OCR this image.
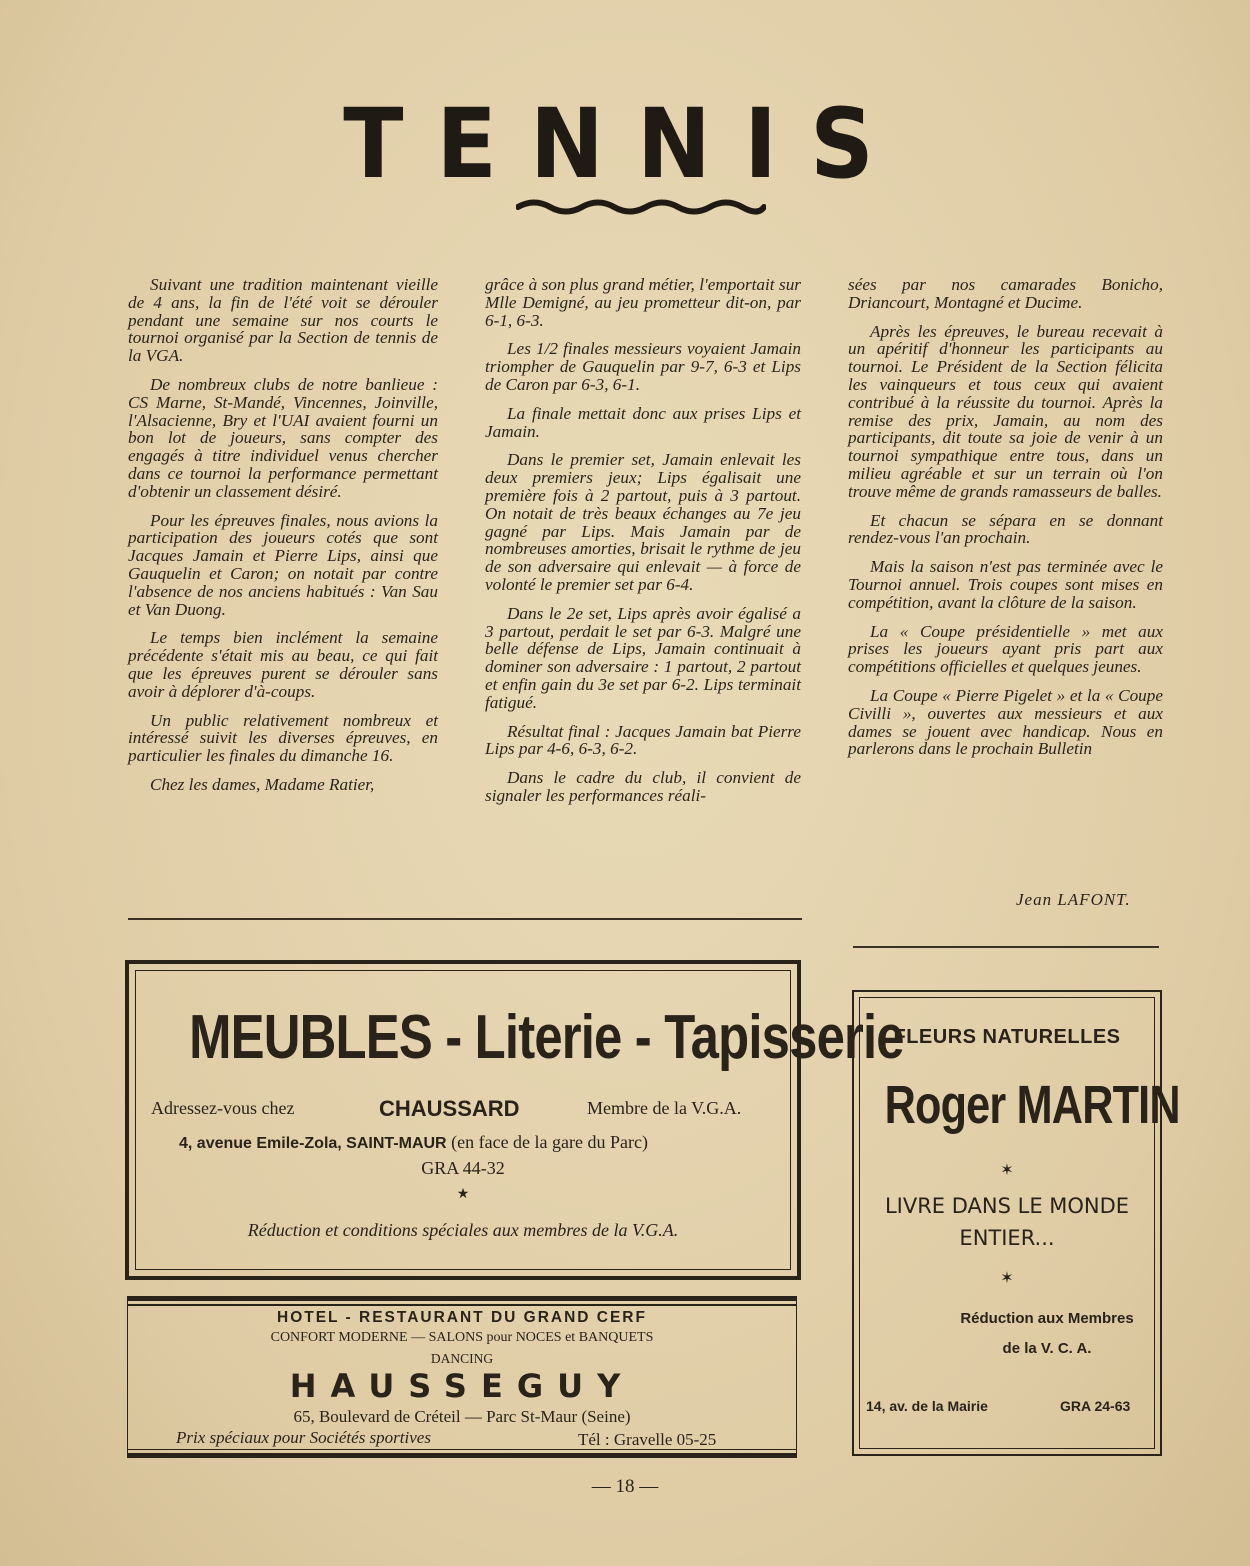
TENNIS

Suivant une tradition maintenant vieille de 4 ans, la fin de l'été voit se dérouler pendant une semaine sur nos courts le tournoi organisé par la Section de tennis de la VGA.

De nombreux clubs de notre banlieue : CS Marne, St-Mandé, Vincennes, Joinville, l'Alsacienne, Bry et l'UAI avaient fourni un bon lot de joueurs, sans compter des engagés à titre individuel venus chercher dans ce tournoi la performance permettant d'obtenir un classement désiré.

Pour les épreuves finales, nous avions la participation des joueurs cotés que sont Jacques Jamain et Pierre Lips, ainsi que Gauquelin et Caron; on notait par contre l'absence de nos anciens habitués : Van Sau et Van Duong.

Le temps bien inclément la semaine précédente s'était mis au beau, ce qui fait que les épreuves purent se dérouler sans avoir à déplorer d'à-coups.

Un public relativement nombreux et intéressé suivit les diverses épreuves, en particulier les finales du dimanche 16.

Chez les dames, Madame Ratier,

grâce à son plus grand métier, l'emportait sur Mlle Demigné, au jeu prometteur dit-on, par 6-1, 6-3.

Les 1/2 finales messieurs voyaient Jamain triompher de Gauquelin par 9-7, 6-3 et Lips de Caron par 6-3, 6-1.

La finale mettait donc aux prises Lips et Jamain.

Dans le premier set, Jamain enlevait les deux premiers jeux; Lips égalisait une première fois à 2 partout, puis à 3 partout. On notait de très beaux échanges au 7e jeu gagné par Lips. Mais Jamain par de nombreuses amorties, brisait le rythme de jeu de son adversaire qui enlevait — à force de volonté le premier set par 6-4.

Dans le 2e set, Lips après avoir égalisé a 3 partout, perdait le set par 6-3. Malgré une belle défense de Lips, Jamain continuait à dominer son adversaire : 1 partout, 2 partout et enfin gain du 3e set par 6-2. Lips terminait fatigué.

Résultat final : Jacques Jamain bat Pierre Lips par 4-6, 6-3, 6-2.

Dans le cadre du club, il convient de signaler les performances réali-

sées par nos camarades Bonicho, Driancourt, Montagné et Ducime.

Après les épreuves, le bureau recevait à un apéritif d'honneur les participants au tournoi. Le Président de la Section félicita les vainqueurs et tous ceux qui avaient contribué à la réussite du tournoi. Après la remise des prix, Jamain, au nom des participants, dit toute sa joie de venir à un tournoi sympathique entre tous, dans un milieu agréable et sur un terrain où l'on trouve même de grands ramasseurs de balles.

Et chacun se sépara en se donnant rendez-vous l'an prochain.

Mais la saison n'est pas terminée avec le Tournoi annuel. Trois coupes sont mises en compétition, avant la clôture de la saison.

La « Coupe présidentielle » met aux prises les joueurs ayant pris part aux compétitions officielles et quelques jeunes.

La Coupe « Pierre Pigelet » et la « Coupe Civilli », ouvertes aux messieurs et aux dames se jouent avec handicap. Nous en parlerons dans le prochain Bulletin

Jean LAFONT.
MEUBLES - Literie - Tapisserie
Adressez-vous chez	CHAUSSARD	Membre de la V.G.A.
4, avenue Emile-Zola, SAINT-MAUR (en face de la gare du Parc)
GRA 44-32
★
Réduction et conditions spéciales aux membres de la V.G.A.
HOTEL - RESTAURANT DU GRAND CERF
CONFORT MODERNE — SALONS pour NOCES et BANQUETS
DANCING
HAUSSEGUY
65, Boulevard de Créteil — Parc St-Maur (Seine)
Prix spéciaux pour Sociétés sportives	Tél : Gravelle 05-25
FLEURS NATURELLES
Roger MARTIN
✶
LIVRE DANS LE MONDE
ENTIER...
✶
Réduction aux Membres
de la V. C. A.
14, av. de la Mairie	GRA 24-63
— 18 —
